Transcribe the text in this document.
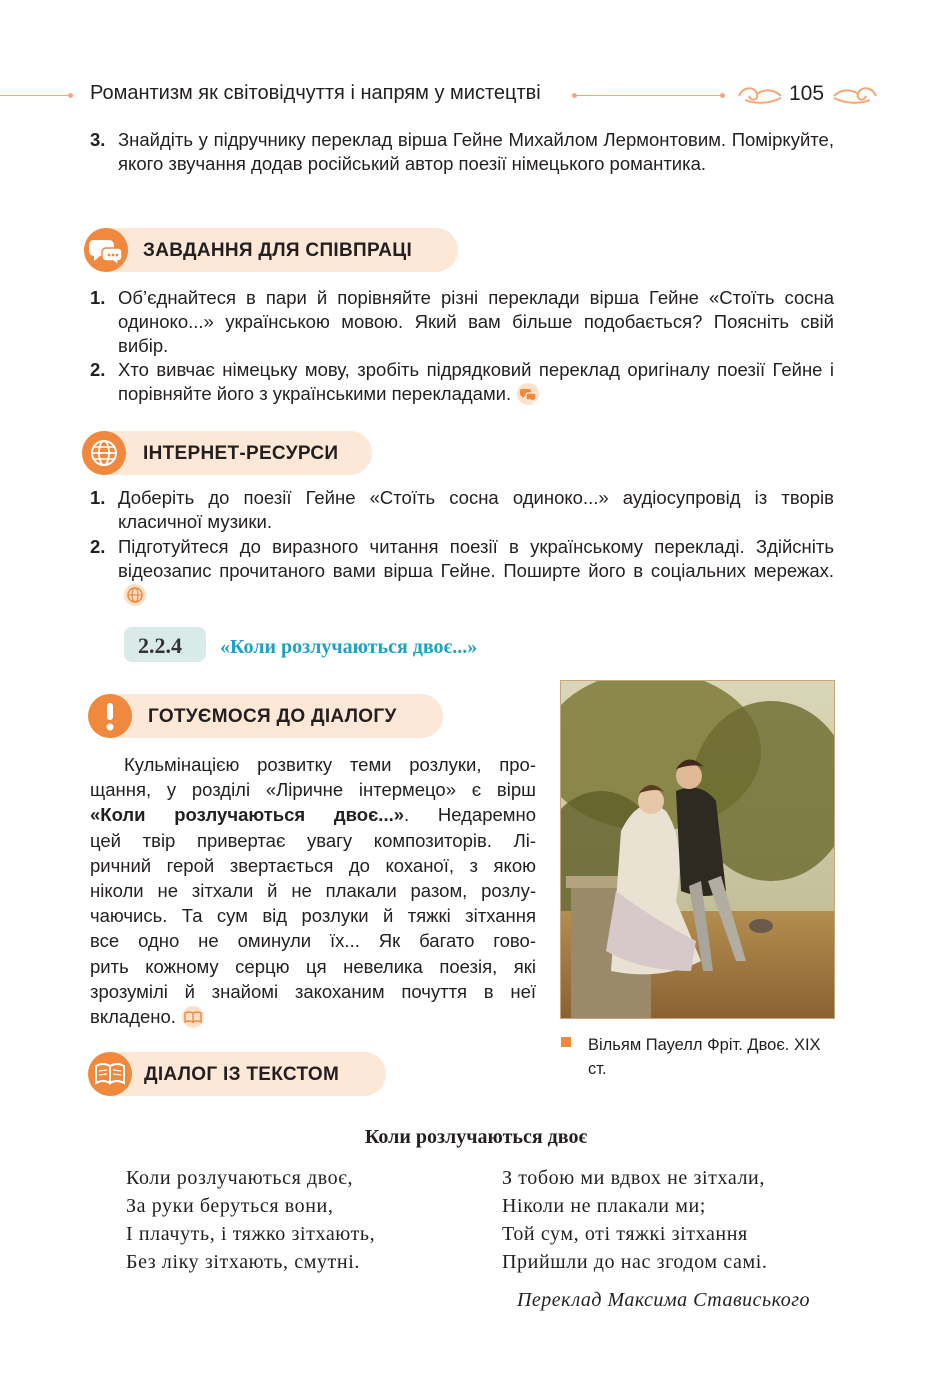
Романтизм як світовідчуття і напрям у мистецтві	105
3. Знайдіть у підручнику переклад вірша Гейне Михайлом Лермонтовим. Поміркуйте, якого звучання додав російський автор поезії німецького романтика.
ЗАВДАННЯ ДЛЯ СПІВПРАЦІ
1. Об’єднайтеся в пари й порівняйте різні переклади вірша Гейне «Стоїть сосна одиноко...» українською мовою. Який вам більше подобається? Поясніть свій вибір.
2. Хто вивчає німецьку мову, зробіть підрядковий переклад оригіналу поезії Гейне і порівняйте його з українськими перекладами.
ІНТЕРНЕТ-РЕСУРСИ
1. Доберіть до поезії Гейне «Стоїть сосна одиноко...» аудіосупровід із творів класичної музики.
2. Підготуйтеся до виразного читання поезії в українському перекладі. Здійсніть відеозапис прочитаного вами вірша Гейне. Поширте його в соціальних мережах.
2.2.4 «Коли розлучаються двоє...»
ГОТУЄМОСЯ ДО ДІАЛОГУ
Кульмінацією розвитку теми розлуки, про-
щання, у розділі «Ліричне інтермецо» є вірш
«Коли розлучаються двоє...». Недаремно
цей твір привертає увагу композиторів. Лі-
ричний герой звертається до коханої, з якою
ніколи не зітхали й не плакали разом, розлу-
чаючись. Та сум від розлуки й тяжкі зітхання
все одно не оминули їх... Як багато гово-
рить кожному серцю ця невелика поезія, які
зрозумілі й знайомі закоханим почуття в неї
вкладено.
ДІАЛОГ ІЗ ТЕКСТОМ
Вільям Пауелл Фріт. Двоє. XIX ст.
Коли розлучаються двоє
Коли розлучаються двоє,
За руки беруться вони,
І плачуть, і тяжко зітхають,
Без ліку зітхають, смутні.
З тобою ми вдвох не зітхали,
Ніколи не плакали ми;
Той сум, оті тяжкі зітхання
Прийшли до нас згодом самі.
Переклад Максима Стависького
